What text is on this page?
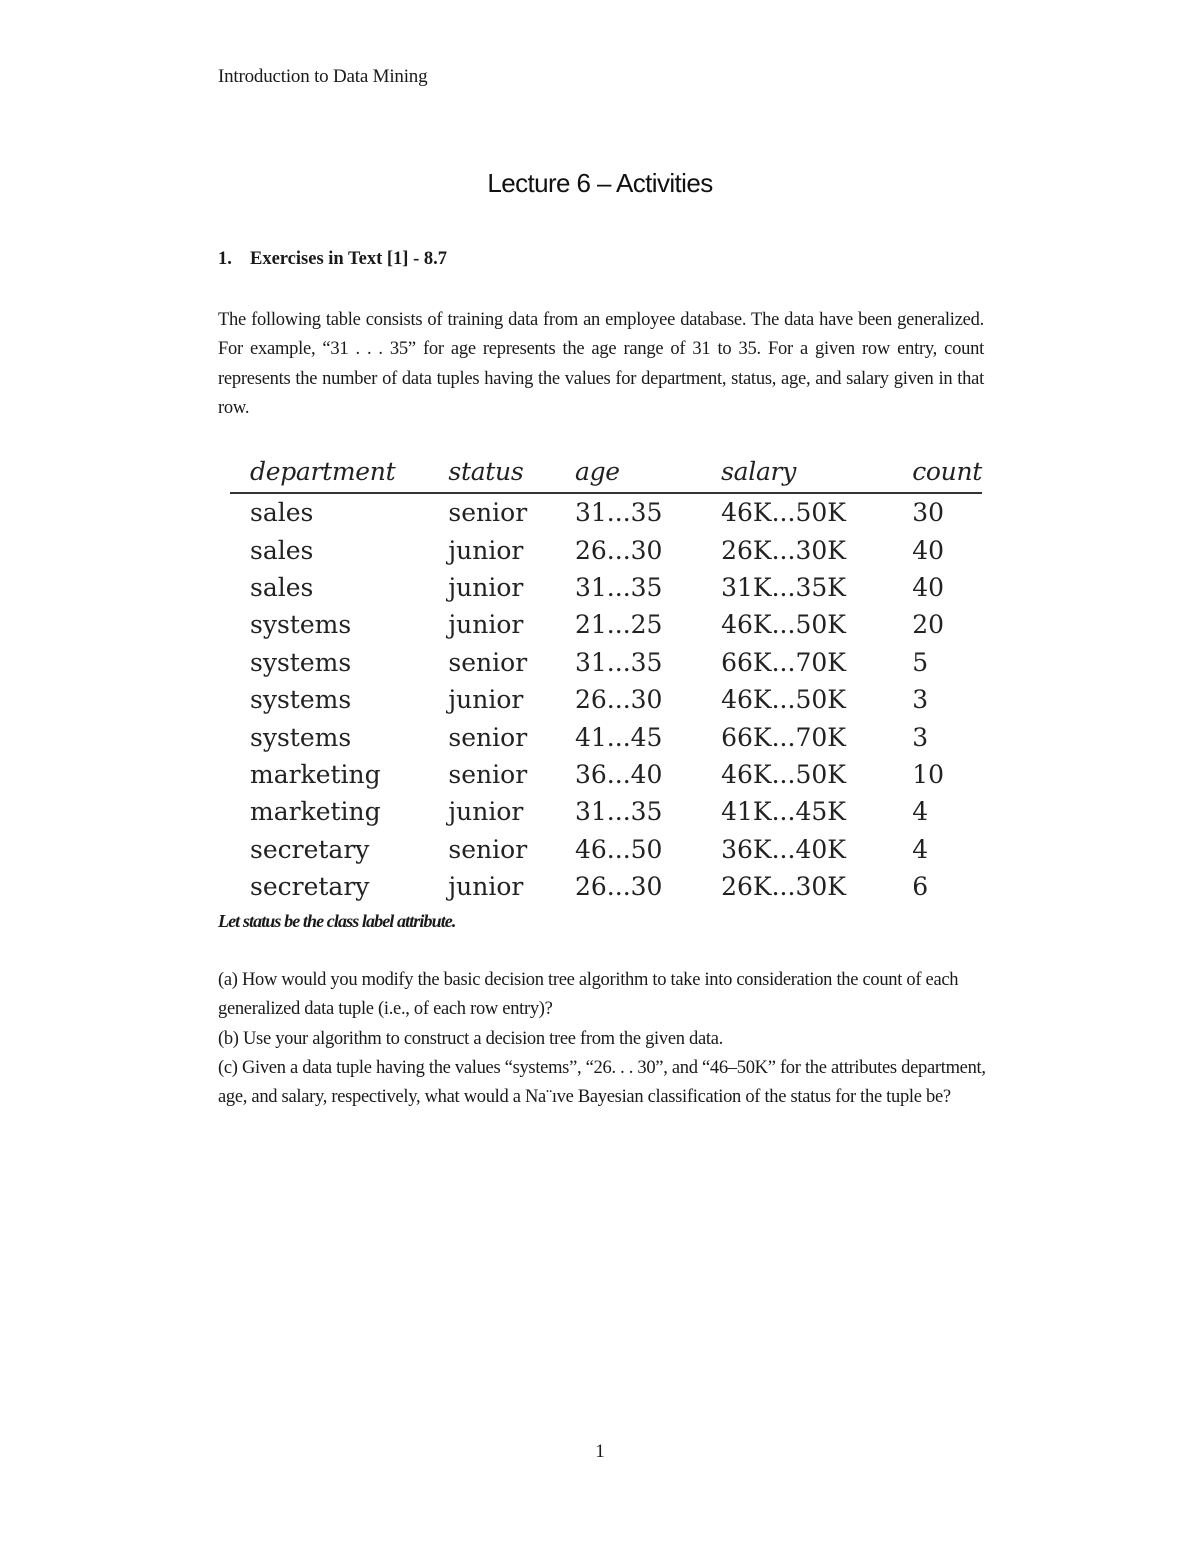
Introduction to Data Mining
Lecture 6 – Activities
1. Exercises in Text [1] - 8.7
The following table consists of training data from an employee database. The data have been generalized. For example, “31 . . . 35” for age represents the age range of 31 to 35. For a given row entry, count represents the number of data tuples having the values for department, status, age, and salary given in that row.
department	status	age	salary	count
sales	senior	31...35	46K...50K	30
sales	junior	26...30	26K...30K	40
sales	junior	31...35	31K...35K	40
systems	junior	21...25	46K...50K	20
systems	senior	31...35	66K...70K	5
systems	junior	26...30	46K...50K	3
systems	senior	41...45	66K...70K	3
marketing	senior	36...40	46K...50K	10
marketing	junior	31...35	41K...45K	4
secretary	senior	46...50	36K...40K	4
secretary	junior	26...30	26K...30K	6
Let status be the class label attribute.

(a) How would you modify the basic decision tree algorithm to take into consideration the count of each generalized data tuple (i.e., of each row entry)?

(b) Use your algorithm to construct a decision tree from the given data.

(c) Given a data tuple having the values “systems”, “26. . . 30”, and “46–50K” for the attributes department, age, and salary, respectively, what would a Na¨ıve Bayesian classification of the status for the tuple be?

1
